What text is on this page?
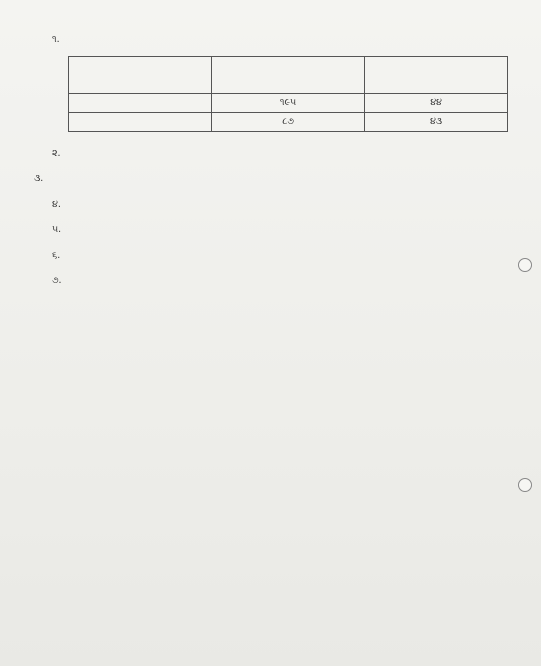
૧.

	૧૯૫	૪૪
	૮૭	૪૩
૨.
૩.
૪.
૫.
૬.
૭.
